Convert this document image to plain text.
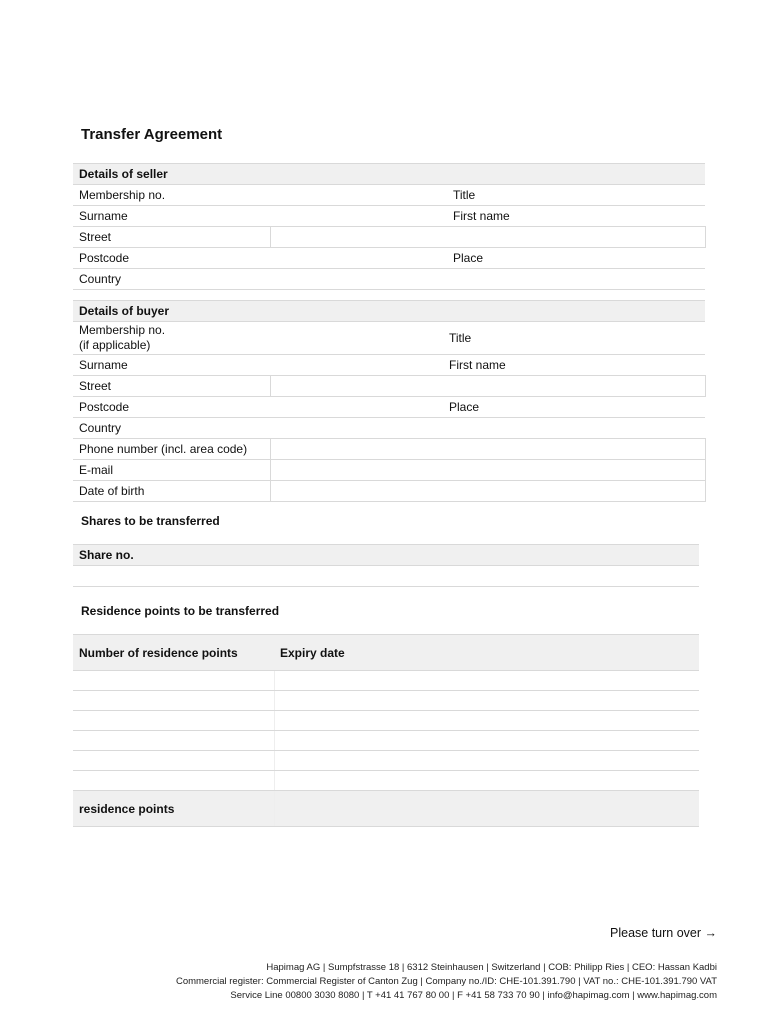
Transfer Agreement
Details of seller		
Membership no.		Title
Surname		First name
Street		
Postcode		Place
Country		
Details of buyer		

Membership no.
(if applicable)		Title
Surname		First name
Street		
Postcode		Place
Country		
Phone number (incl. area code)		
E-mail		
Date of birth		
Shares to be transferred
Share no.

Residence points to be transferred
Number of residence points	Expiry date

residence points	
Please turn over →
Hapimag AG | Sumpfstrasse 18 | 6312 Steinhausen | Switzerland | COB: Philipp Ries | CEO: Hassan Kadbi
Commercial register: Commercial Register of Canton Zug | Company no./ID: CHE-101.391.790 | VAT no.: CHE-101.391.790 VAT
Service Line 00800 3030 8080 | T +41 41 767 80 00 | F +41 58 733 70 90 | info@hapimag.com | www.hapimag.com
